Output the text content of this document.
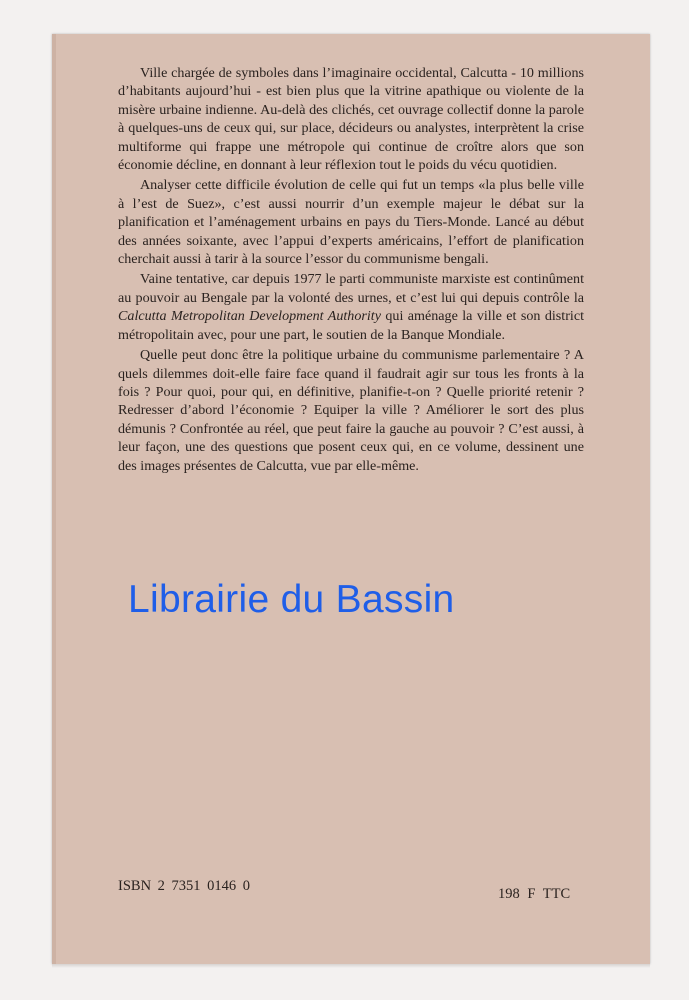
Ville chargée de symboles dans l’imaginaire occidental, Calcutta - 10 millions d’habitants aujourd’hui - est bien plus que la vitrine apathique ou violente de la misère urbaine indienne. Au-delà des clichés, cet ouvrage collectif donne la parole à quelques-uns de ceux qui, sur place, décideurs ou analystes, interprètent la crise multiforme qui frappe une métropole qui continue de croître alors que son économie décline, en donnant à leur réflexion tout le poids du vécu quotidien.

Analyser cette difficile évolution de celle qui fut un temps «la plus belle ville à l’est de Suez», c’est aussi nourrir d’un exemple majeur le débat sur la planification et l’aménagement urbains en pays du Tiers-Monde. Lancé au début des années soixante, avec l’appui d’experts américains, l’effort de planification cherchait aussi à tarir à la source l’essor du communisme bengali.

Vaine tentative, car depuis 1977 le parti communiste marxiste est continûment au pouvoir au Bengale par la volonté des urnes, et c’est lui qui depuis contrôle la Calcutta Metropolitan Development Authority qui aménage la ville et son district métropolitain avec, pour une part, le soutien de la Banque Mondiale.

Quelle peut donc être la politique urbaine du communisme parlementaire ? A quels dilemmes doit-elle faire face quand il faudrait agir sur tous les fronts à la fois ? Pour quoi, pour qui, en définitive, planifie-t-on ? Quelle priorité retenir ? Redresser d’abord l’économie ? Equiper la ville ? Améliorer le sort des plus démunis ? Confrontée au réel, que peut faire la gauche au pouvoir ? C’est aussi, à leur façon, une des questions que posent ceux qui, en ce volume, dessinent une des images présentes de Calcutta, vue par elle-même.

ISBN 2 7351 0146 0	198 F TTC
Librairie du Bassin
